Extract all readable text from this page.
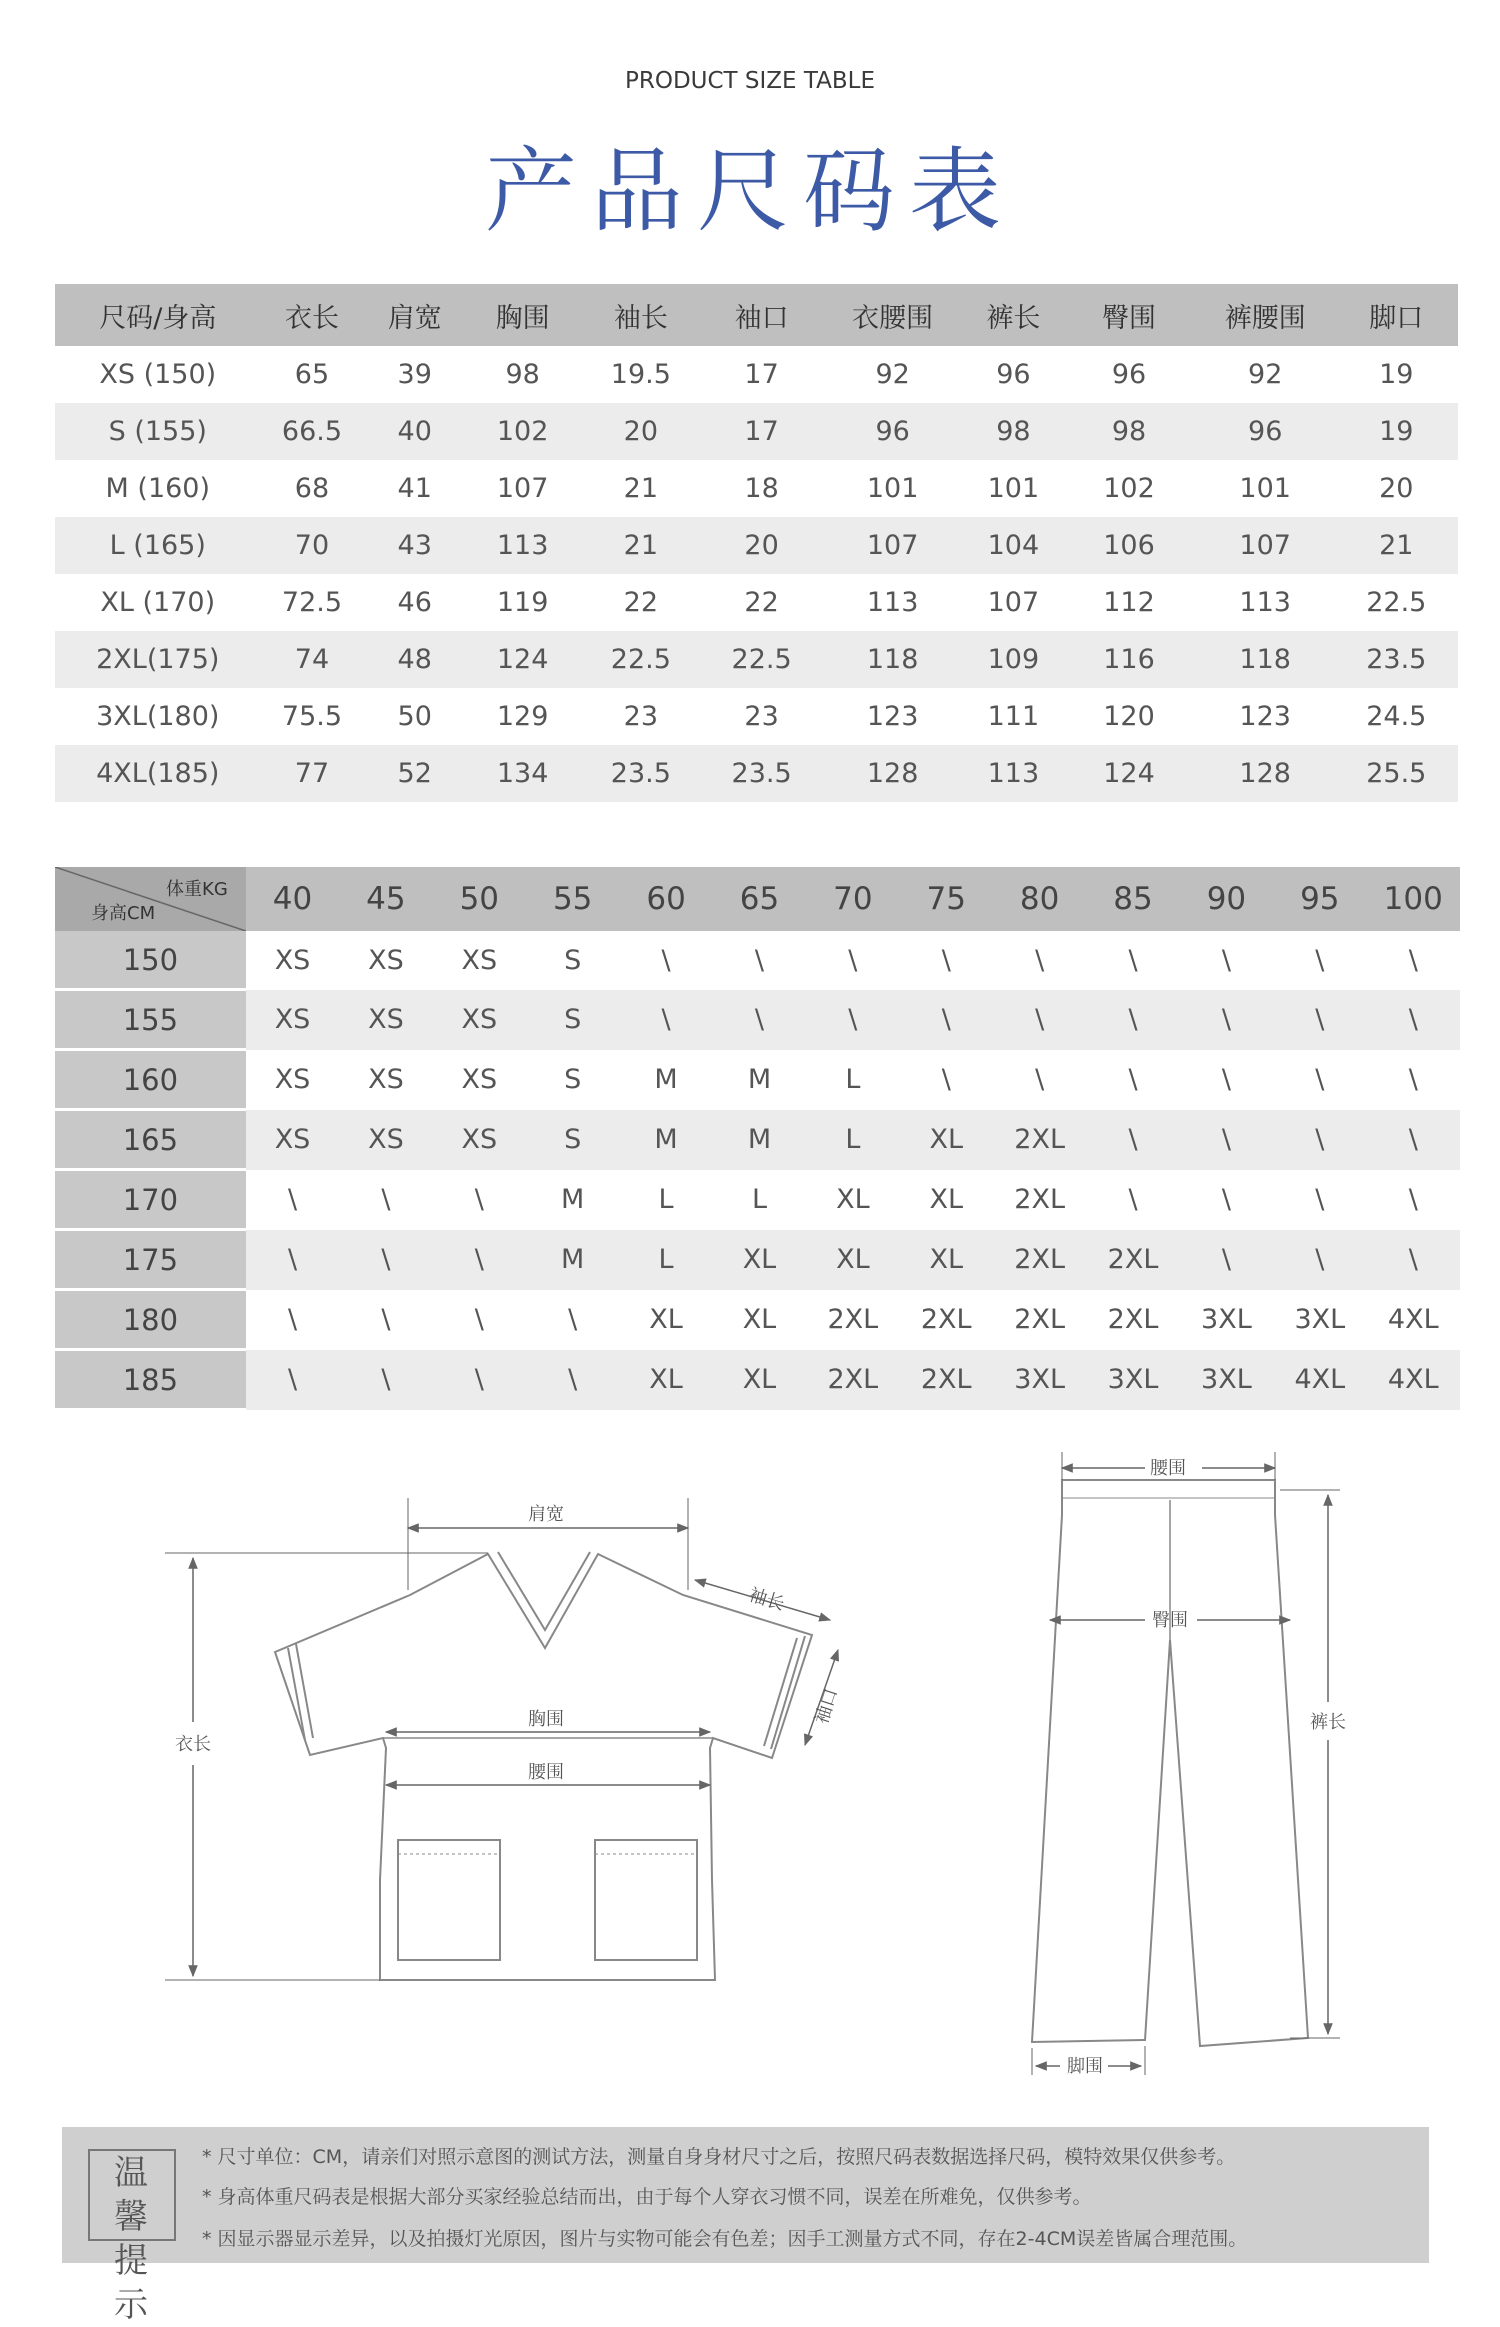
PRODUCT SIZE TABLE
产品尺码表
尺码/身高	衣长	肩宽	胸围	袖长	袖口	衣腰围	裤长	臀围	裤腰围	脚口
XS (150)	65	39	98	19.5	17	92	96	96	92	19
S (155)	66.5	40	102	20	17	96	98	98	96	19
M (160)	68	41	107	21	18	101	101	102	101	20
L (165)	70	43	113	21	20	107	104	106	107	21
XL (170)	72.5	46	119	22	22	113	107	112	113	22.5
2XL(175)	74	48	124	22.5	22.5	118	109	116	118	23.5
3XL(180)	75.5	50	129	23	23	123	111	120	123	24.5
4XL(185)	77	52	134	23.5	23.5	128	113	124	128	25.5
体重KG
身高CM	40	45	50	55	60	65	70	75	80	85	90	95	100
150	XS	XS	XS	S	\	\	\	\	\	\	\	\	\
155	XS	XS	XS	S	\	\	\	\	\	\	\	\	\
160	XS	XS	XS	S	M	M	L	\	\	\	\	\	\
165	XS	XS	XS	S	M	M	L	XL	2XL	\	\	\	\
170	\	\	\	M	L	L	XL	XL	2XL	\	\	\	\
175	\	\	\	M	L	XL	XL	XL	2XL	2XL	\	\	\
180	\	\	\	\	XL	XL	2XL	2XL	2XL	2XL	3XL	3XL	4XL
185	\	\	\	\	XL	XL	2XL	2XL	3XL	3XL	3XL	4XL	4XL
肩宽
袖长
袖口
胸围
腰围
衣长
腰围
臀围
裤长
脚围
温 馨
提 示
* 尺寸单位：CM，请亲们对照示意图的测试方法，测量自身身材尺寸之后，按照尺码表数据选择尺码，模特效果仅供参考。
* 身高体重尺码表是根据大部分买家经验总结而出，由于每个人穿衣习惯不同，误差在所难免，仅供参考。
* 因显示器显示差异，以及拍摄灯光原因，图片与实物可能会有色差；因手工测量方式不同，存在2-4CM误差皆属合理范围。
